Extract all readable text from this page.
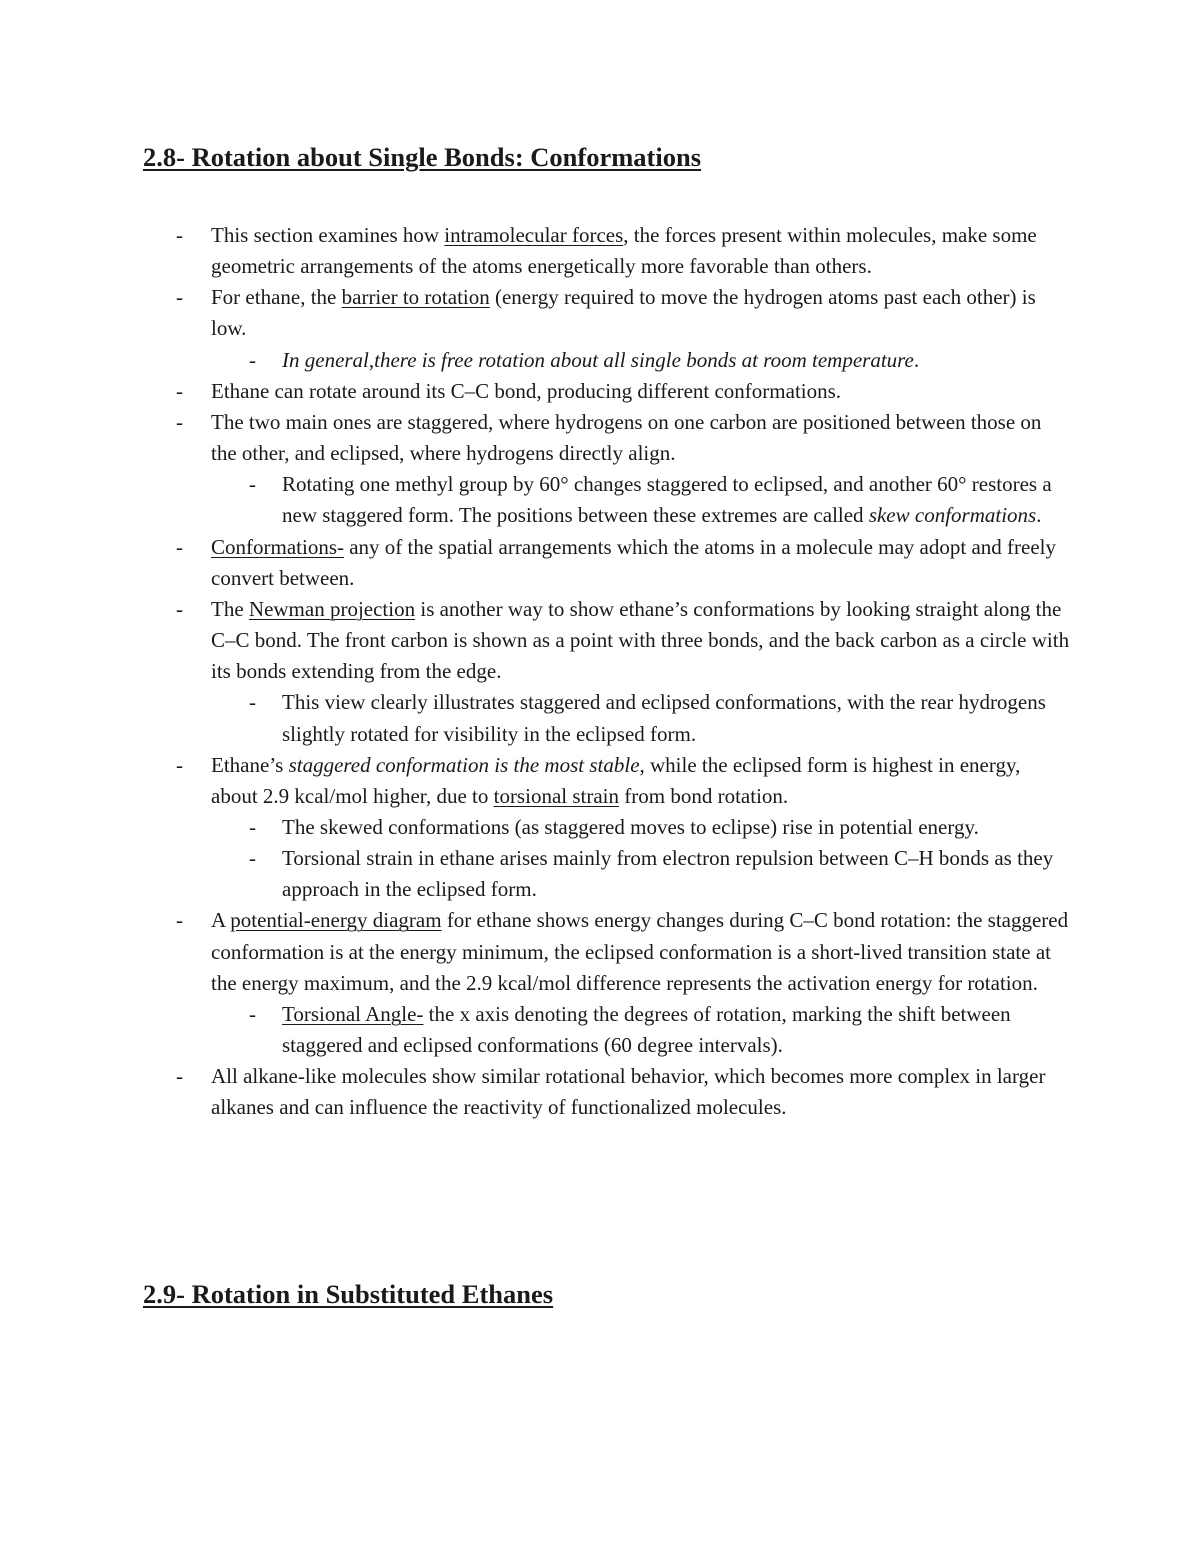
2.8- Rotation about Single Bonds: Conformations
- This section examines how intramolecular forces, the forces present within molecules, make some geometric arrangements of the atoms energetically more favorable than others.
- For ethane, the barrier to rotation (energy required to move the hydrogen atoms past each other) is low.
- In general,there is free rotation about all single bonds at room temperature.
- Ethane can rotate around its C–C bond, producing different conformations.
- The two main ones are staggered, where hydrogens on one carbon are positioned between those on the other, and eclipsed, where hydrogens directly align.
- Rotating one methyl group by 60° changes staggered to eclipsed, and another 60° restores a new staggered form. The positions between these extremes are called skew conformations.
- Conformations- any of the spatial arrangements which the atoms in a molecule may adopt and freely convert between.
- The Newman projection is another way to show ethane’s conformations by looking straight along the C–C bond. The front carbon is shown as a point with three bonds, and the back carbon as a circle with its bonds extending from the edge.
- This view clearly illustrates staggered and eclipsed conformations, with the rear hydrogens slightly rotated for visibility in the eclipsed form.
- Ethane’s staggered conformation is the most stable, while the eclipsed form is highest in energy, about 2.9 kcal/mol higher, due to torsional strain from bond rotation.
- The skewed conformations (as staggered moves to eclipse) rise in potential energy.
- Torsional strain in ethane arises mainly from electron repulsion between C–H bonds as they approach in the eclipsed form.
- A potential-energy diagram for ethane shows energy changes during C–C bond rotation: the staggered conformation is at the energy minimum, the eclipsed conformation is a short-lived transition state at the energy maximum, and the 2.9 kcal/mol difference represents the activation energy for rotation.
- Torsional Angle- the x axis denoting the degrees of rotation, marking the shift between staggered and eclipsed conformations (60 degree intervals).
- All alkane-like molecules show similar rotational behavior, which becomes more complex in larger alkanes and can influence the reactivity of functionalized molecules.
2.9- Rotation in Substituted Ethanes
